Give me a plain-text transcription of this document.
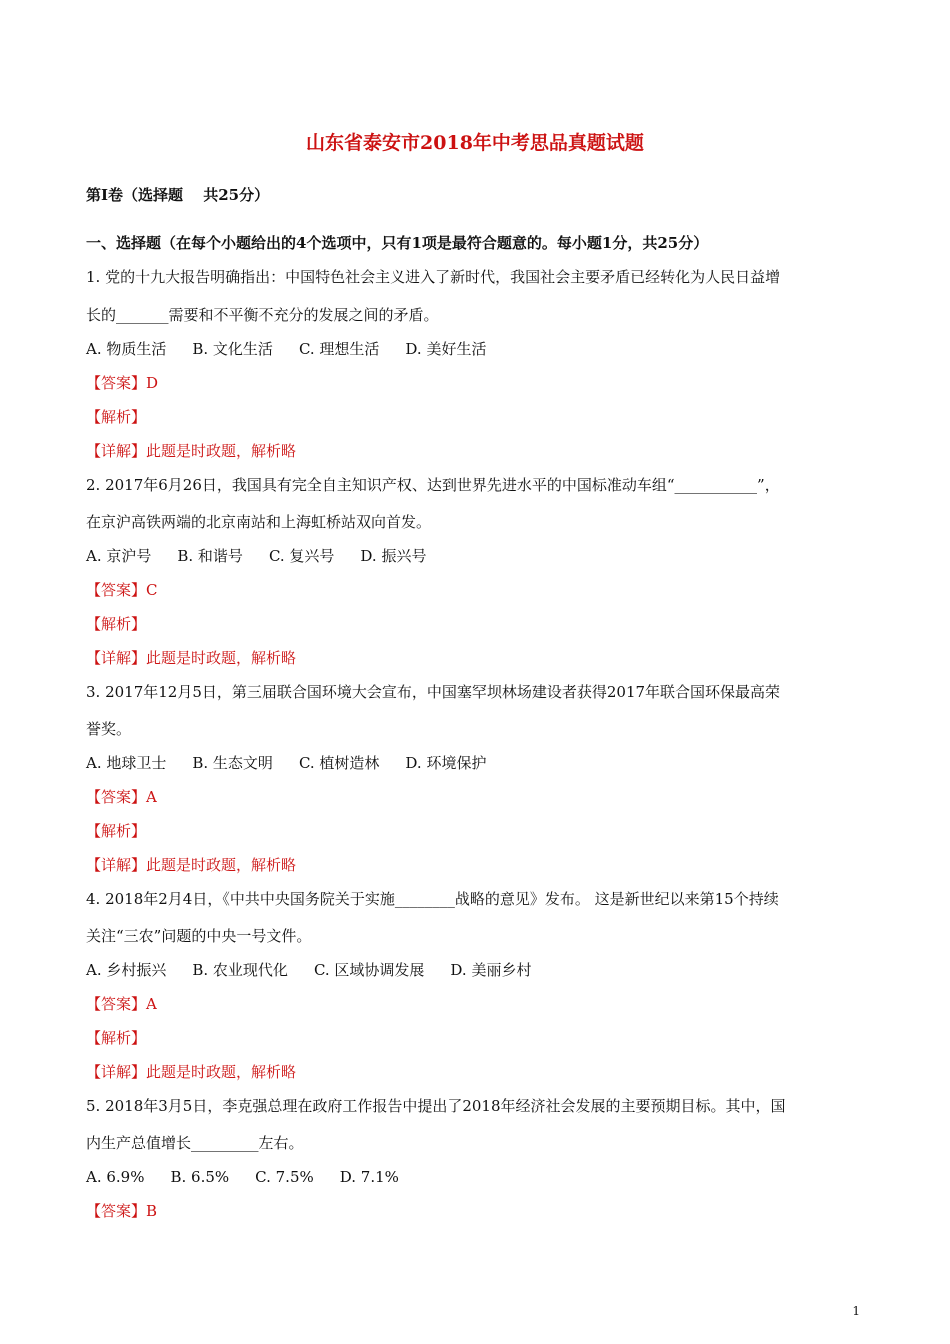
山东省泰安市2018年中考思品真题试题
第Ⅰ卷（选择题　 共25分）
一、选择题（在每个小题给出的4个选项中，只有1项是最符合题意的。每小题1分，共25分）
1. 党的十九大报告明确指出：中国特色社会主义进入了新时代，我国社会主要矛盾已经转化为人民日益增
长的_______需要和不平衡不充分的发展之间的矛盾。
A. 物质生活 B. 文化生活 C. 理想生活 D. 美好生活
【答案】D
【解析】
【详解】此题是时政题，解析略
2. 2017年6月26日，我国具有完全自主知识产权、达到世界先进水平的中国标准动车组“___________”，
在京沪高铁两端的北京南站和上海虹桥站双向首发。
A. 京沪号 B. 和谐号 C. 复兴号 D. 振兴号
【答案】C
【解析】
【详解】此题是时政题，解析略
3. 2017年12月5日，第三届联合国环境大会宣布，中国塞罕坝林场建设者获得2017年联合国环保最高荣
誉奖。
A. 地球卫士 B. 生态文明 C. 植树造林 D. 环境保护
【答案】A
【解析】
【详解】此题是时政题，解析略
4. 2018年2月4日，《中共中央国务院关于实施________战略的意见》发布。 这是新世纪以来第15个持续
关注“三农”问题的中央一号文件。
A. 乡村振兴 B. 农业现代化 C. 区域协调发展 D. 美丽乡村
【答案】A
【解析】
【详解】此题是时政题，解析略
5. 2018年3月5日，李克强总理在政府工作报告中提出了2018年经济社会发展的主要预期目标。其中，国
内生产总值增长_________左右。
A. 6.9% B. 6.5% C. 7.5% D. 7.1%
【答案】B
1
